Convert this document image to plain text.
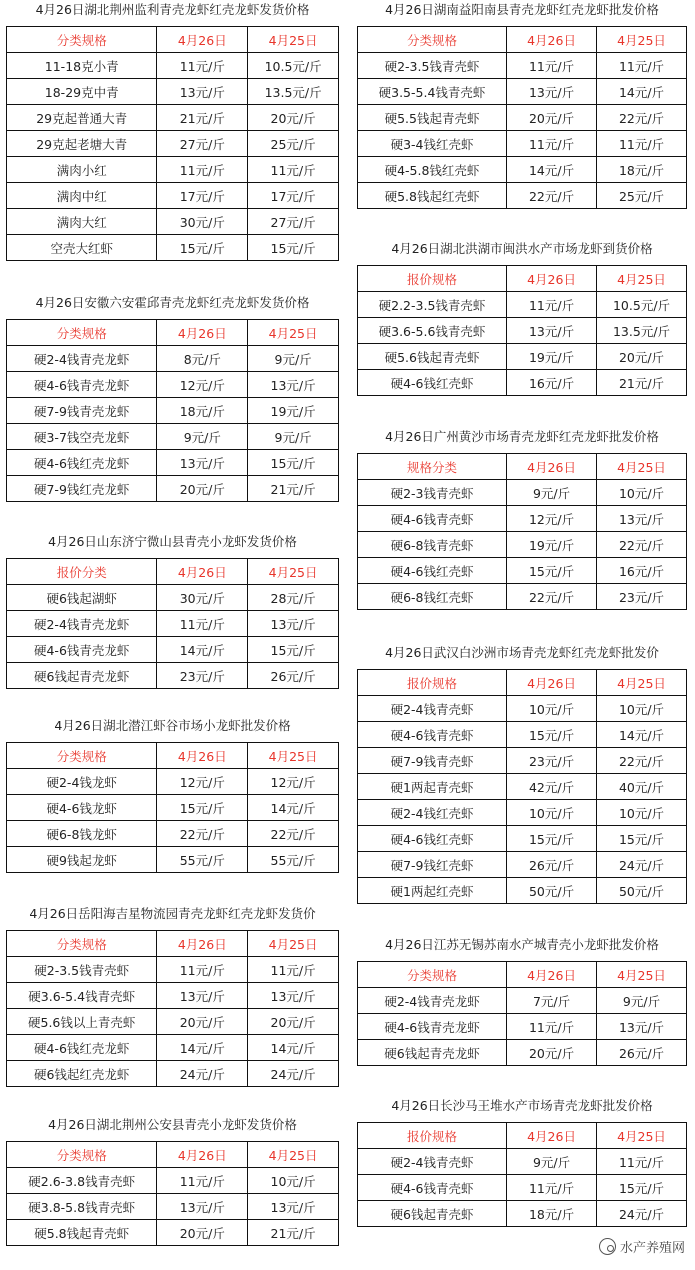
4月26日湖北荆州监利青壳龙虾红壳龙虾发货价格
分类规格	4月26日	4月25日
11-18克小青	11元/斤	10.5元/斤
18-29克中青	13元/斤	13.5元/斤
29克起普通大青	21元/斤	20元/斤
29克起老塘大青	27元/斤	25元/斤
满肉小红	11元/斤	11元/斤
满肉中红	17元/斤	17元/斤
满肉大红	30元/斤	27元/斤
空壳大红虾	15元/斤	15元/斤
4月26日安徽六安霍邱青壳龙虾红壳龙虾发货价格
分类规格	4月26日	4月25日
硬2-4钱青壳龙虾	8元/斤	9元/斤
硬4-6钱青壳龙虾	12元/斤	13元/斤
硬7-9钱青壳龙虾	18元/斤	19元/斤
硬3-7钱空壳龙虾	9元/斤	9元/斤
硬4-6钱红壳龙虾	13元/斤	15元/斤
硬7-9钱红壳龙虾	20元/斤	21元/斤
4月26日山东济宁微山县青壳小龙虾发货价格
报价分类	4月26日	4月25日
硬6钱起湖虾	30元/斤	28元/斤
硬2-4钱青壳龙虾	11元/斤	13元/斤
硬4-6钱青壳龙虾	14元/斤	15元/斤
硬6钱起青壳龙虾	23元/斤	26元/斤
4月26日湖北潜江虾谷市场小龙虾批发价格
分类规格	4月26日	4月25日
硬2-4钱龙虾	12元/斤	12元/斤
硬4-6钱龙虾	15元/斤	14元/斤
硬6-8钱龙虾	22元/斤	22元/斤
硬9钱起龙虾	55元/斤	55元/斤
4月26日岳阳海吉星物流园青壳龙虾红壳龙虾发货价
分类规格	4月26日	4月25日
硬2-3.5钱青壳虾	11元/斤	11元/斤
硬3.6-5.4钱青壳虾	13元/斤	13元/斤
硬5.6钱以上青壳虾	20元/斤	20元/斤
硬4-6钱红壳龙虾	14元/斤	14元/斤
硬6钱起红壳龙虾	24元/斤	24元/斤
4月26日湖北荆州公安县青壳小龙虾发货价格
分类规格	4月26日	4月25日
硬2.6-3.8钱青壳虾	11元/斤	10元/斤
硬3.8-5.8钱青壳虾	13元/斤	13元/斤
硬5.8钱起青壳虾	20元/斤	21元/斤
4月26日湖南益阳南县青壳龙虾红壳龙虾批发价格
分类规格	4月26日	4月25日
硬2-3.5钱青壳虾	11元/斤	11元/斤
硬3.5-5.4钱青壳虾	13元/斤	14元/斤
硬5.5钱起青壳虾	20元/斤	22元/斤
硬3-4钱红壳虾	11元/斤	11元/斤
硬4-5.8钱红壳虾	14元/斤	18元/斤
硬5.8钱起红壳虾	22元/斤	25元/斤
4月26日湖北洪湖市闽洪水产市场龙虾到货价格
报价规格	4月26日	4月25日
硬2.2-3.5钱青壳虾	11元/斤	10.5元/斤
硬3.6-5.6钱青壳虾	13元/斤	13.5元/斤
硬5.6钱起青壳虾	19元/斤	20元/斤
硬4-6钱红壳虾	16元/斤	21元/斤
4月26日广州黄沙市场青壳龙虾红壳龙虾批发价格
规格分类	4月26日	4月25日
硬2-3钱青壳虾	9元/斤	10元/斤
硬4-6钱青壳虾	12元/斤	13元/斤
硬6-8钱青壳虾	19元/斤	22元/斤
硬4-6钱红壳虾	15元/斤	16元/斤
硬6-8钱红壳虾	22元/斤	23元/斤
4月26日武汉白沙洲市场青壳龙虾红壳龙虾批发价
报价规格	4月26日	4月25日
硬2-4钱青壳虾	10元/斤	10元/斤
硬4-6钱青壳虾	15元/斤	14元/斤
硬7-9钱青壳虾	23元/斤	22元/斤
硬1两起青壳虾	42元/斤	40元/斤
硬2-4钱红壳虾	10元/斤	10元/斤
硬4-6钱红壳虾	15元/斤	15元/斤
硬7-9钱红壳虾	26元/斤	24元/斤
硬1两起红壳虾	50元/斤	50元/斤
4月26日江苏无锡苏南水产城青壳小龙虾批发价格
分类规格	4月26日	4月25日
硬2-4钱青壳龙虾	7元/斤	9元/斤
硬4-6钱青壳龙虾	11元/斤	13元/斤
硬6钱起青壳龙虾	20元/斤	26元/斤
4月26日长沙马王堆水产市场青壳龙虾批发价格
报价规格	4月26日	4月25日
硬2-4钱青壳虾	9元/斤	11元/斤
硬4-6钱青壳虾	11元/斤	15元/斤
硬6钱起青壳虾	18元/斤	24元/斤
水产养殖网
